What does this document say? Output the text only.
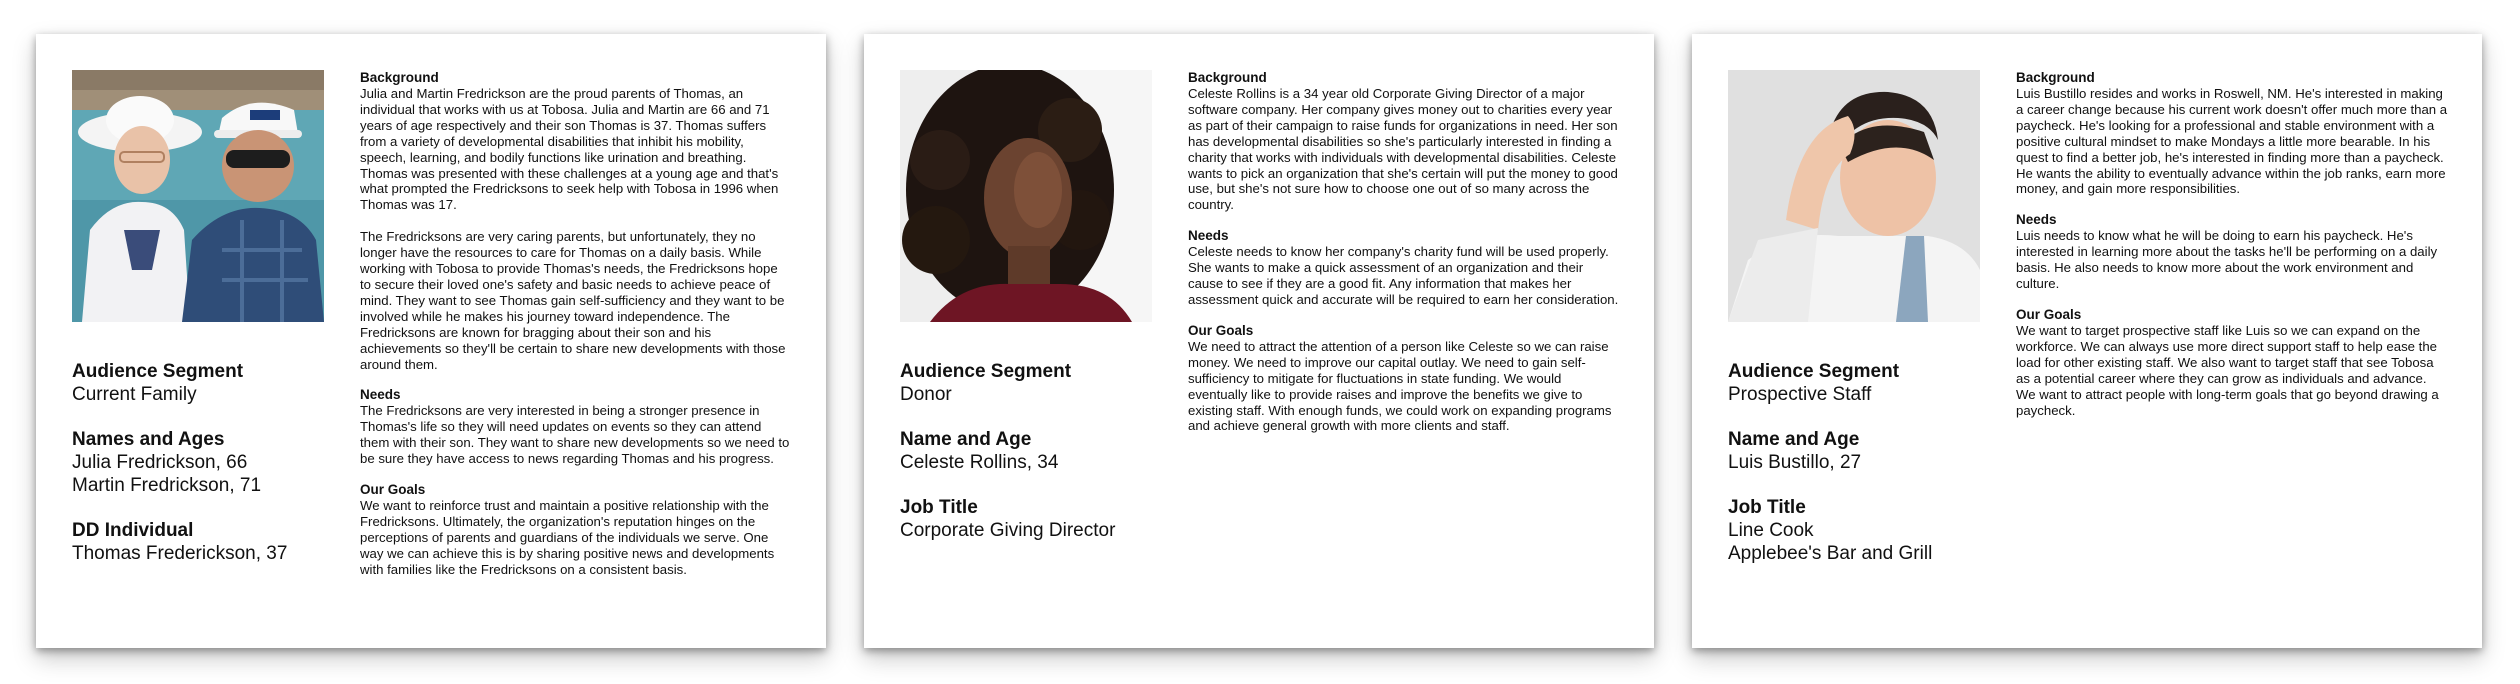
Audience Segment
Current Family
Names and Ages
Julia Fredrickson, 66
Martin Fredrickson, 71
DD Individual
Thomas Frederickson, 37
Background

Julia and Martin Fredrickson are the proud parents of Thomas, an individual that works with us at Tobosa. Julia and Martin are 66 and 71 years of age respectively and their son Thomas is 37. Thomas suffers from a variety of developmental disabilities that inhibit his mobility, speech, learning, and bodily functions like urination and breathing. Thomas was presented with these challenges at a young age and that's what prompted the Fredricksons to seek help with Tobosa in 1996 when Thomas was 17.

The Fredricksons are very caring parents, but unfortunately, they no longer have the resources to care for Thomas on a daily basis. While working with Tobosa to provide Thomas's needs, the Fredricksons hope to secure their loved one's safety and basic needs to achieve peace of mind. They want to see Thomas gain self-sufficiency and they want to be involved while he makes his journey toward independence. The Fredricksons are known for bragging about their son and his achievements so they'll be certain to share new developments with those around them.

Needs

The Fredricksons are very interested in being a stronger presence in Thomas's life so they will need updates on events so they can attend them with their son. They want to share new developments so we need to be sure they have access to news regarding Thomas and his progress.

Our Goals

We want to reinforce trust and maintain a positive relationship with the Fredricksons. Ultimately, the organization's reputation hinges on the perceptions of parents and guardians of the individuals we serve. One way we can achieve this is by sharing positive news and developments with families like the Fredricksons on a consistent basis.

Audience Segment
Donor
Name and Age
Celeste Rollins, 34
Job Title
Corporate Giving Director
Background

Celeste Rollins is a 34 year old Corporate Giving Director of a major software company. Her company gives money out to charities every year as part of their campaign to raise funds for organizations in need. Her son has developmental disabilities so she's particularly interested in finding a charity that works with individuals with developmental disabilities. Celeste wants to pick an organization that she's certain will put the money to good use, but she's not sure how to choose one out of so many across the country.

Needs

Celeste needs to know her company's charity fund will be used properly. She wants to make a quick assessment of an organization and their cause to see if they are a good fit. Any information that makes her assessment quick and accurate will be required to earn her consideration.

Our Goals

We need to attract the attention of a person like Celeste so we can raise money. We need to improve our capital outlay. We need to gain self-sufficiency to mitigate for fluctuations in state funding. We would eventually like to provide raises and improve the benefits we give to existing staff. With enough funds, we could work on expanding programs and achieve general growth with more clients and staff.

Audience Segment
Prospective Staff
Name and Age
Luis Bustillo, 27
Job Title
Line Cook
Applebee's Bar and Grill
Background

Luis Bustillo resides and works in Roswell, NM. He's interested in making a career change because his current work doesn't offer much more than a paycheck. He's looking for a professional and stable environment with a positive cultural mindset to make Mondays a little more bearable. In his quest to find a better job, he's interested in finding more than a paycheck. He wants the ability to eventually advance within the job ranks, earn more money, and gain more responsibilities.

Needs

Luis needs to know what he will be doing to earn his paycheck. He's interested in learning more about the tasks he'll be performing on a daily basis. He also needs to know more about the work environment and culture.

Our Goals

We want to target prospective staff like Luis so we can expand on the workforce. We can always use more direct support staff to help ease the load for other existing staff. We also want to target staff that see Tobosa as a potential career where they can grow as individuals and advance. We want to attract people with long-term goals that go beyond drawing a paycheck.
